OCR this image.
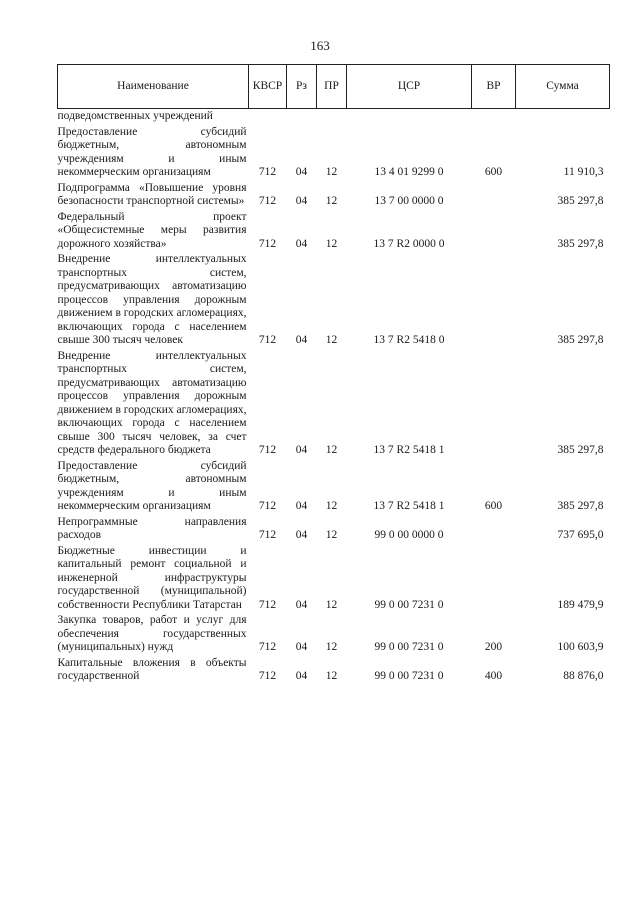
163
Наименование	КВСР	Рз	ПР	ЦСР	ВР	Сумма
подведомственных учреждений						
Предоставление субсидий бюджетным, автономным учреждениям и иным некоммерческим организациям	712	04	12	13 4 01 9299 0	600	11 910,3
Подпрограмма «Повышение уровня безопасности транспортной системы»	712	04	12	13 7 00 0000 0		385 297,8
Федеральный проект «Общесистемные меры развития дорожного хозяйства»	712	04	12	13 7 R2 0000 0		385 297,8
Внедрение интеллектуальных транспортных систем, предусматривающих автоматизацию процессов управления дорожным движением в городских агломерациях, включающих города с населением свыше 300 тысяч человек	712	04	12	13 7 R2 5418 0		385 297,8
Внедрение интеллектуальных транспортных систем, предусматривающих автоматизацию процессов управления дорожным движением в городских агломерациях, включающих города с населением свыше 300 тысяч человек, за счет средств федерального бюджета	712	04	12	13 7 R2 5418 1		385 297,8
Предоставление субсидий бюджетным, автономным учреждениям и иным некоммерческим организациям	712	04	12	13 7 R2 5418 1	600	385 297,8
Непрограммные направления расходов	712	04	12	99 0 00 0000 0		737 695,0
Бюджетные инвестиции и капитальный ремонт социальной и инженерной инфраструктуры государственной (муниципальной) собственности Республики Татарстан	712	04	12	99 0 00 7231 0		189 479,9
Закупка товаров, работ и услуг для обеспечения государственных (муниципальных) нужд	712	04	12	99 0 00 7231 0	200	100 603,9
Капитальные вложения в объекты государственной	712	04	12	99 0 00 7231 0	400	88 876,0
